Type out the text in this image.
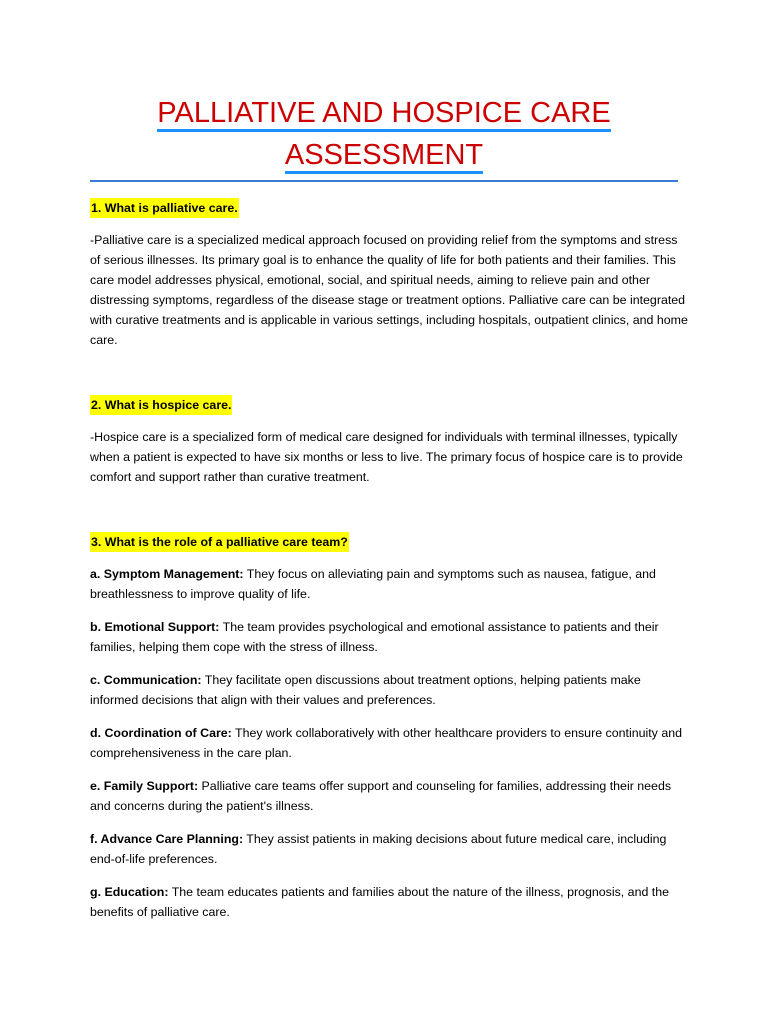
PALLIATIVE AND HOSPICE CARE
ASSESSMENT
1. What is palliative care.

-Palliative care is a specialized medical approach focused on providing relief from the symptoms and stress of serious illnesses. Its primary goal is to enhance the quality of life for both patients and their families. This care model addresses physical, emotional, social, and spiritual needs, aiming to relieve pain and other distressing symptoms, regardless of the disease stage or treatment options. Palliative care can be integrated with curative treatments and is applicable in various settings, including hospitals, outpatient clinics, and home care.

2. What is hospice care.

-Hospice care is a specialized form of medical care designed for individuals with terminal illnesses, typically when a patient is expected to have six months or less to live. The primary focus of hospice care is to provide comfort and support rather than curative treatment.

3. What is the role of a palliative care team?

a. Symptom Management: They focus on alleviating pain and symptoms such as nausea, fatigue, and breathlessness to improve quality of life.

b. Emotional Support: The team provides psychological and emotional assistance to patients and their families, helping them cope with the stress of illness.

c. Communication: They facilitate open discussions about treatment options, helping patients make informed decisions that align with their values and preferences.

d. Coordination of Care: They work collaboratively with other healthcare providers to ensure continuity and comprehensiveness in the care plan.

e. Family Support: Palliative care teams offer support and counseling for families, addressing their needs and concerns during the patient's illness.

f. Advance Care Planning: They assist patients in making decisions about future medical care, including end-of-life preferences.

g. Education: The team educates patients and families about the nature of the illness, prognosis, and the benefits of palliative care.
